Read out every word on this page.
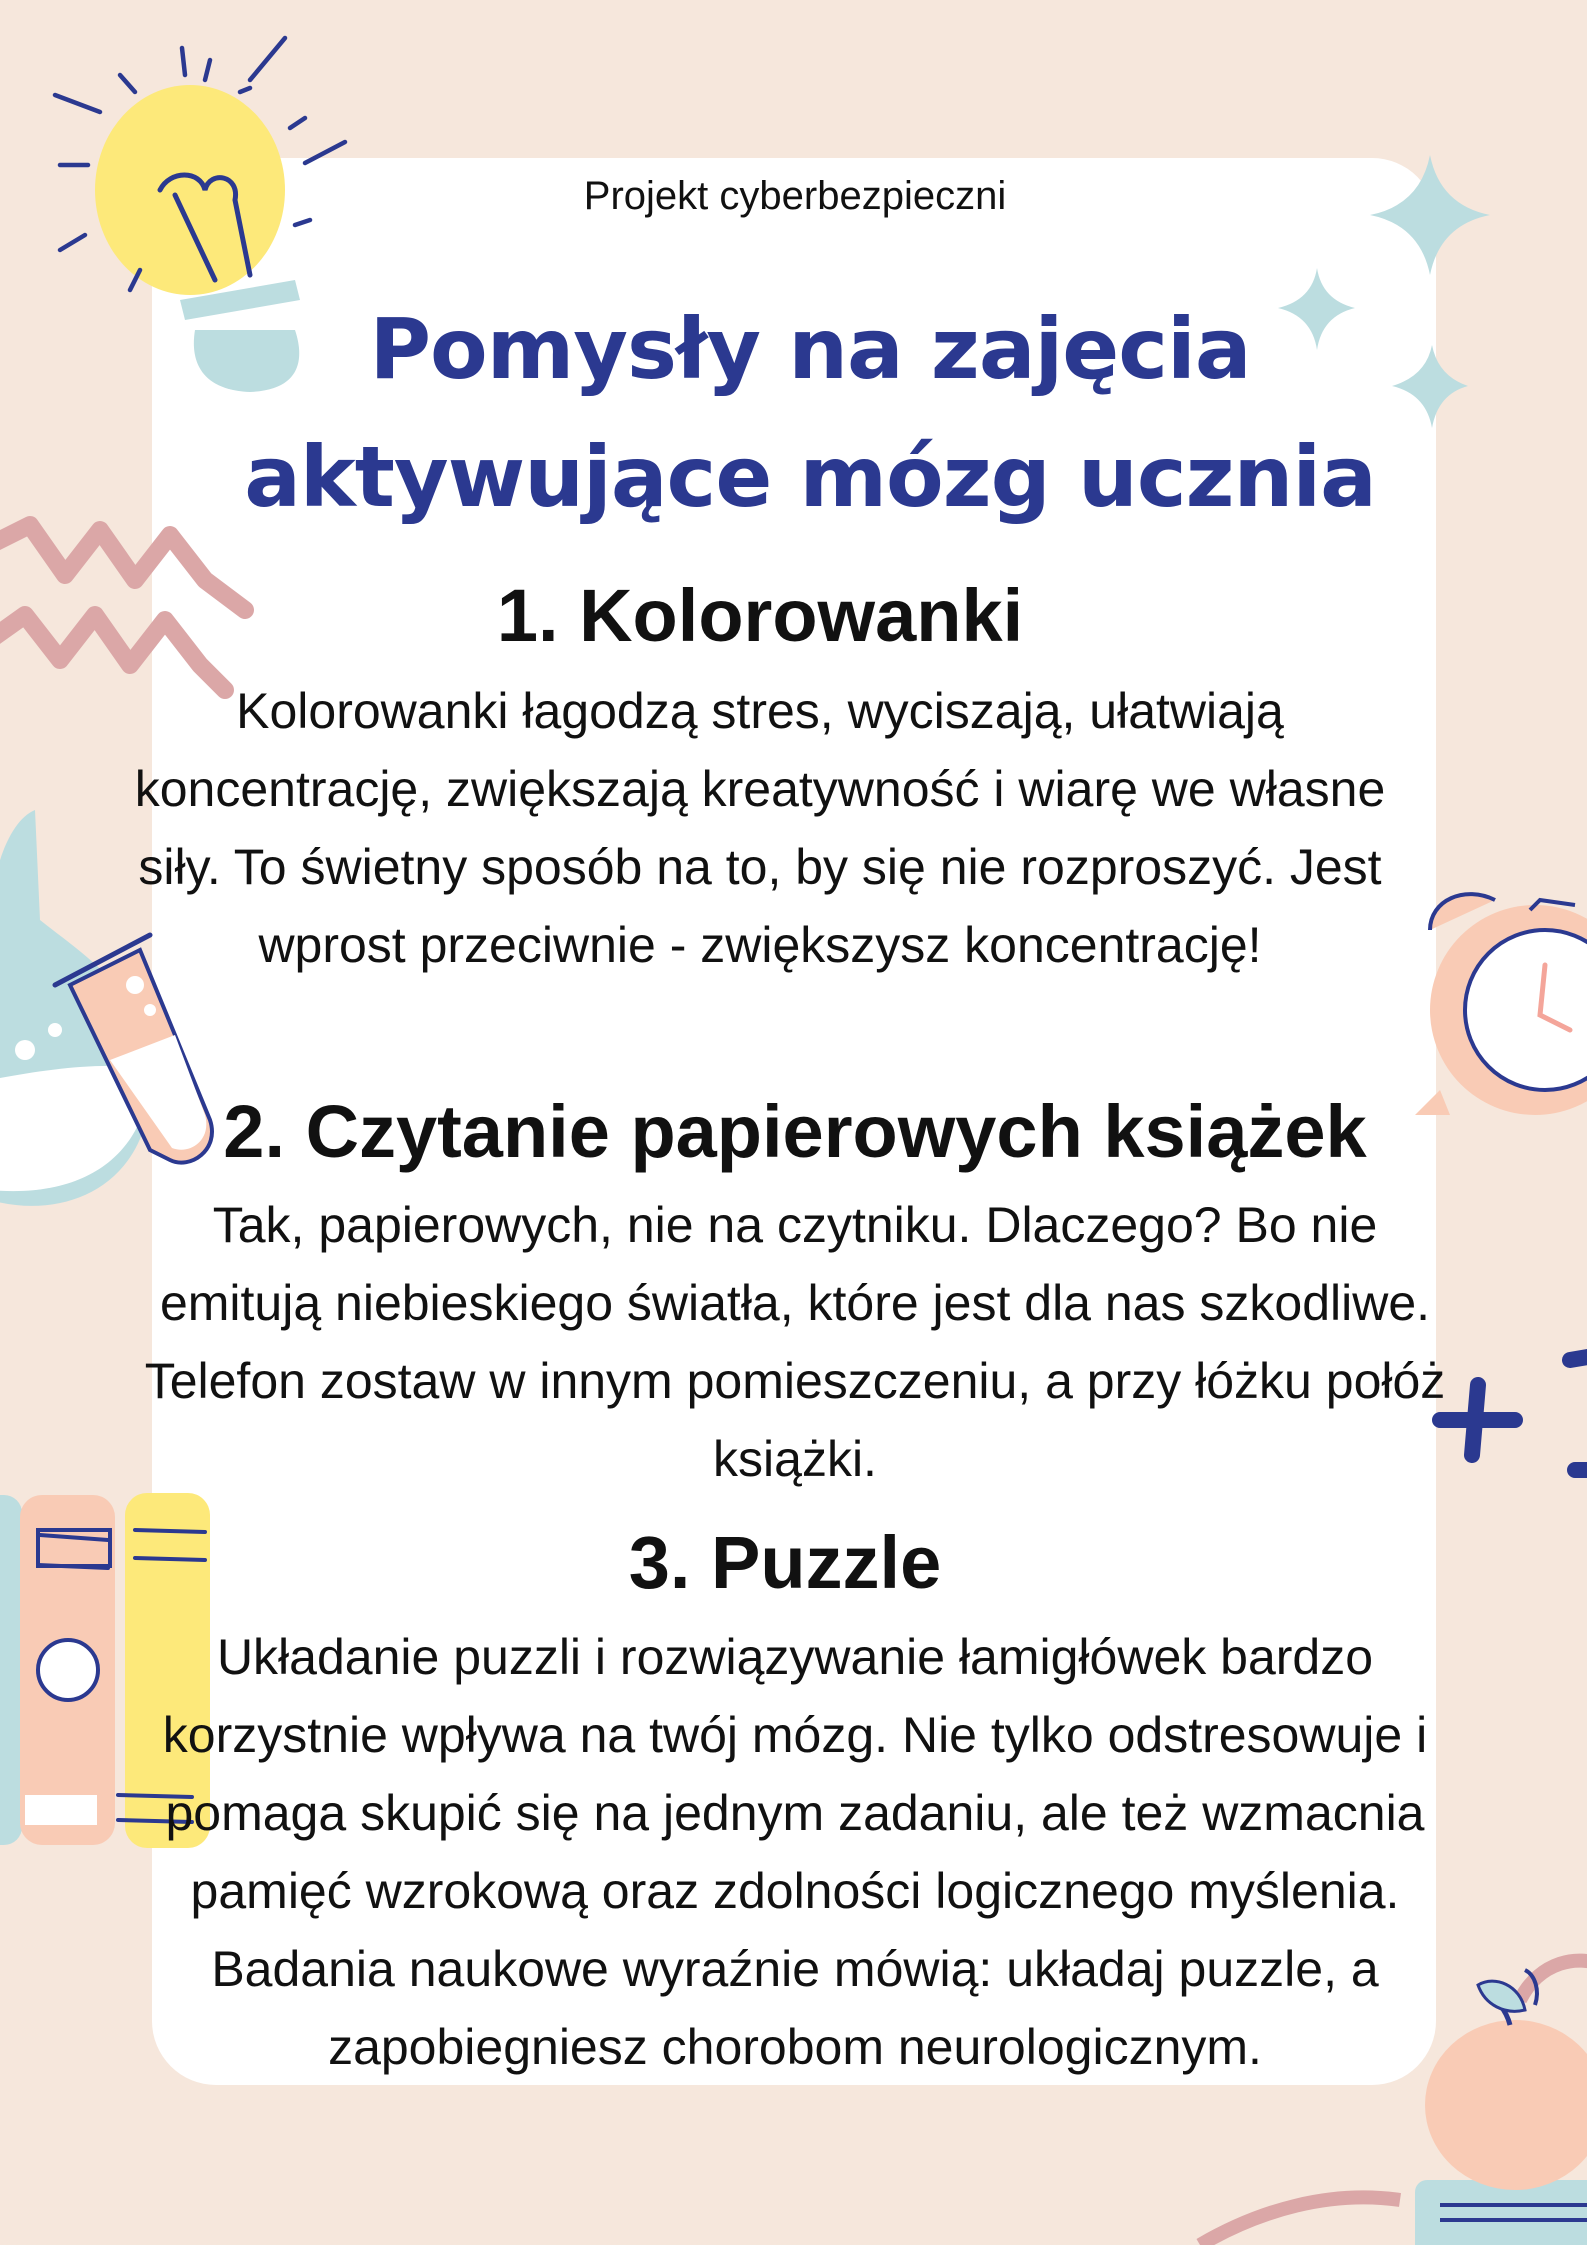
Projekt cyberbezpieczni

Pomysły na zajęcia
aktywujące mózg ucznia
1. Kolorowanki

Kolorowanki łagodzą stres, wyciszają, ułatwiają koncentrację, zwiększają kreatywność i wiarę we własne siły. To świetny sposób na to, by się nie rozproszyć. Jest wprost przeciwnie - zwiększysz koncentrację!

2. Czytanie papierowych książek

Tak, papierowych, nie na czytniku. Dlaczego? Bo nie emitują niebieskiego światła, które jest dla nas szkodliwe. Telefon zostaw w innym pomieszczeniu, a przy łóżku połóż książki.

3. Puzzle

Układanie puzzli i rozwiązywanie łamigłówek bardzo korzystnie wpływa na twój mózg. Nie tylko odstresowuje i pomaga skupić się na jednym zadaniu, ale też wzmacnia pamięć wzrokową oraz zdolności logicznego myślenia. Badania naukowe wyraźnie mówią: układaj puzzle, a zapobiegniesz chorobom neurologicznym.
